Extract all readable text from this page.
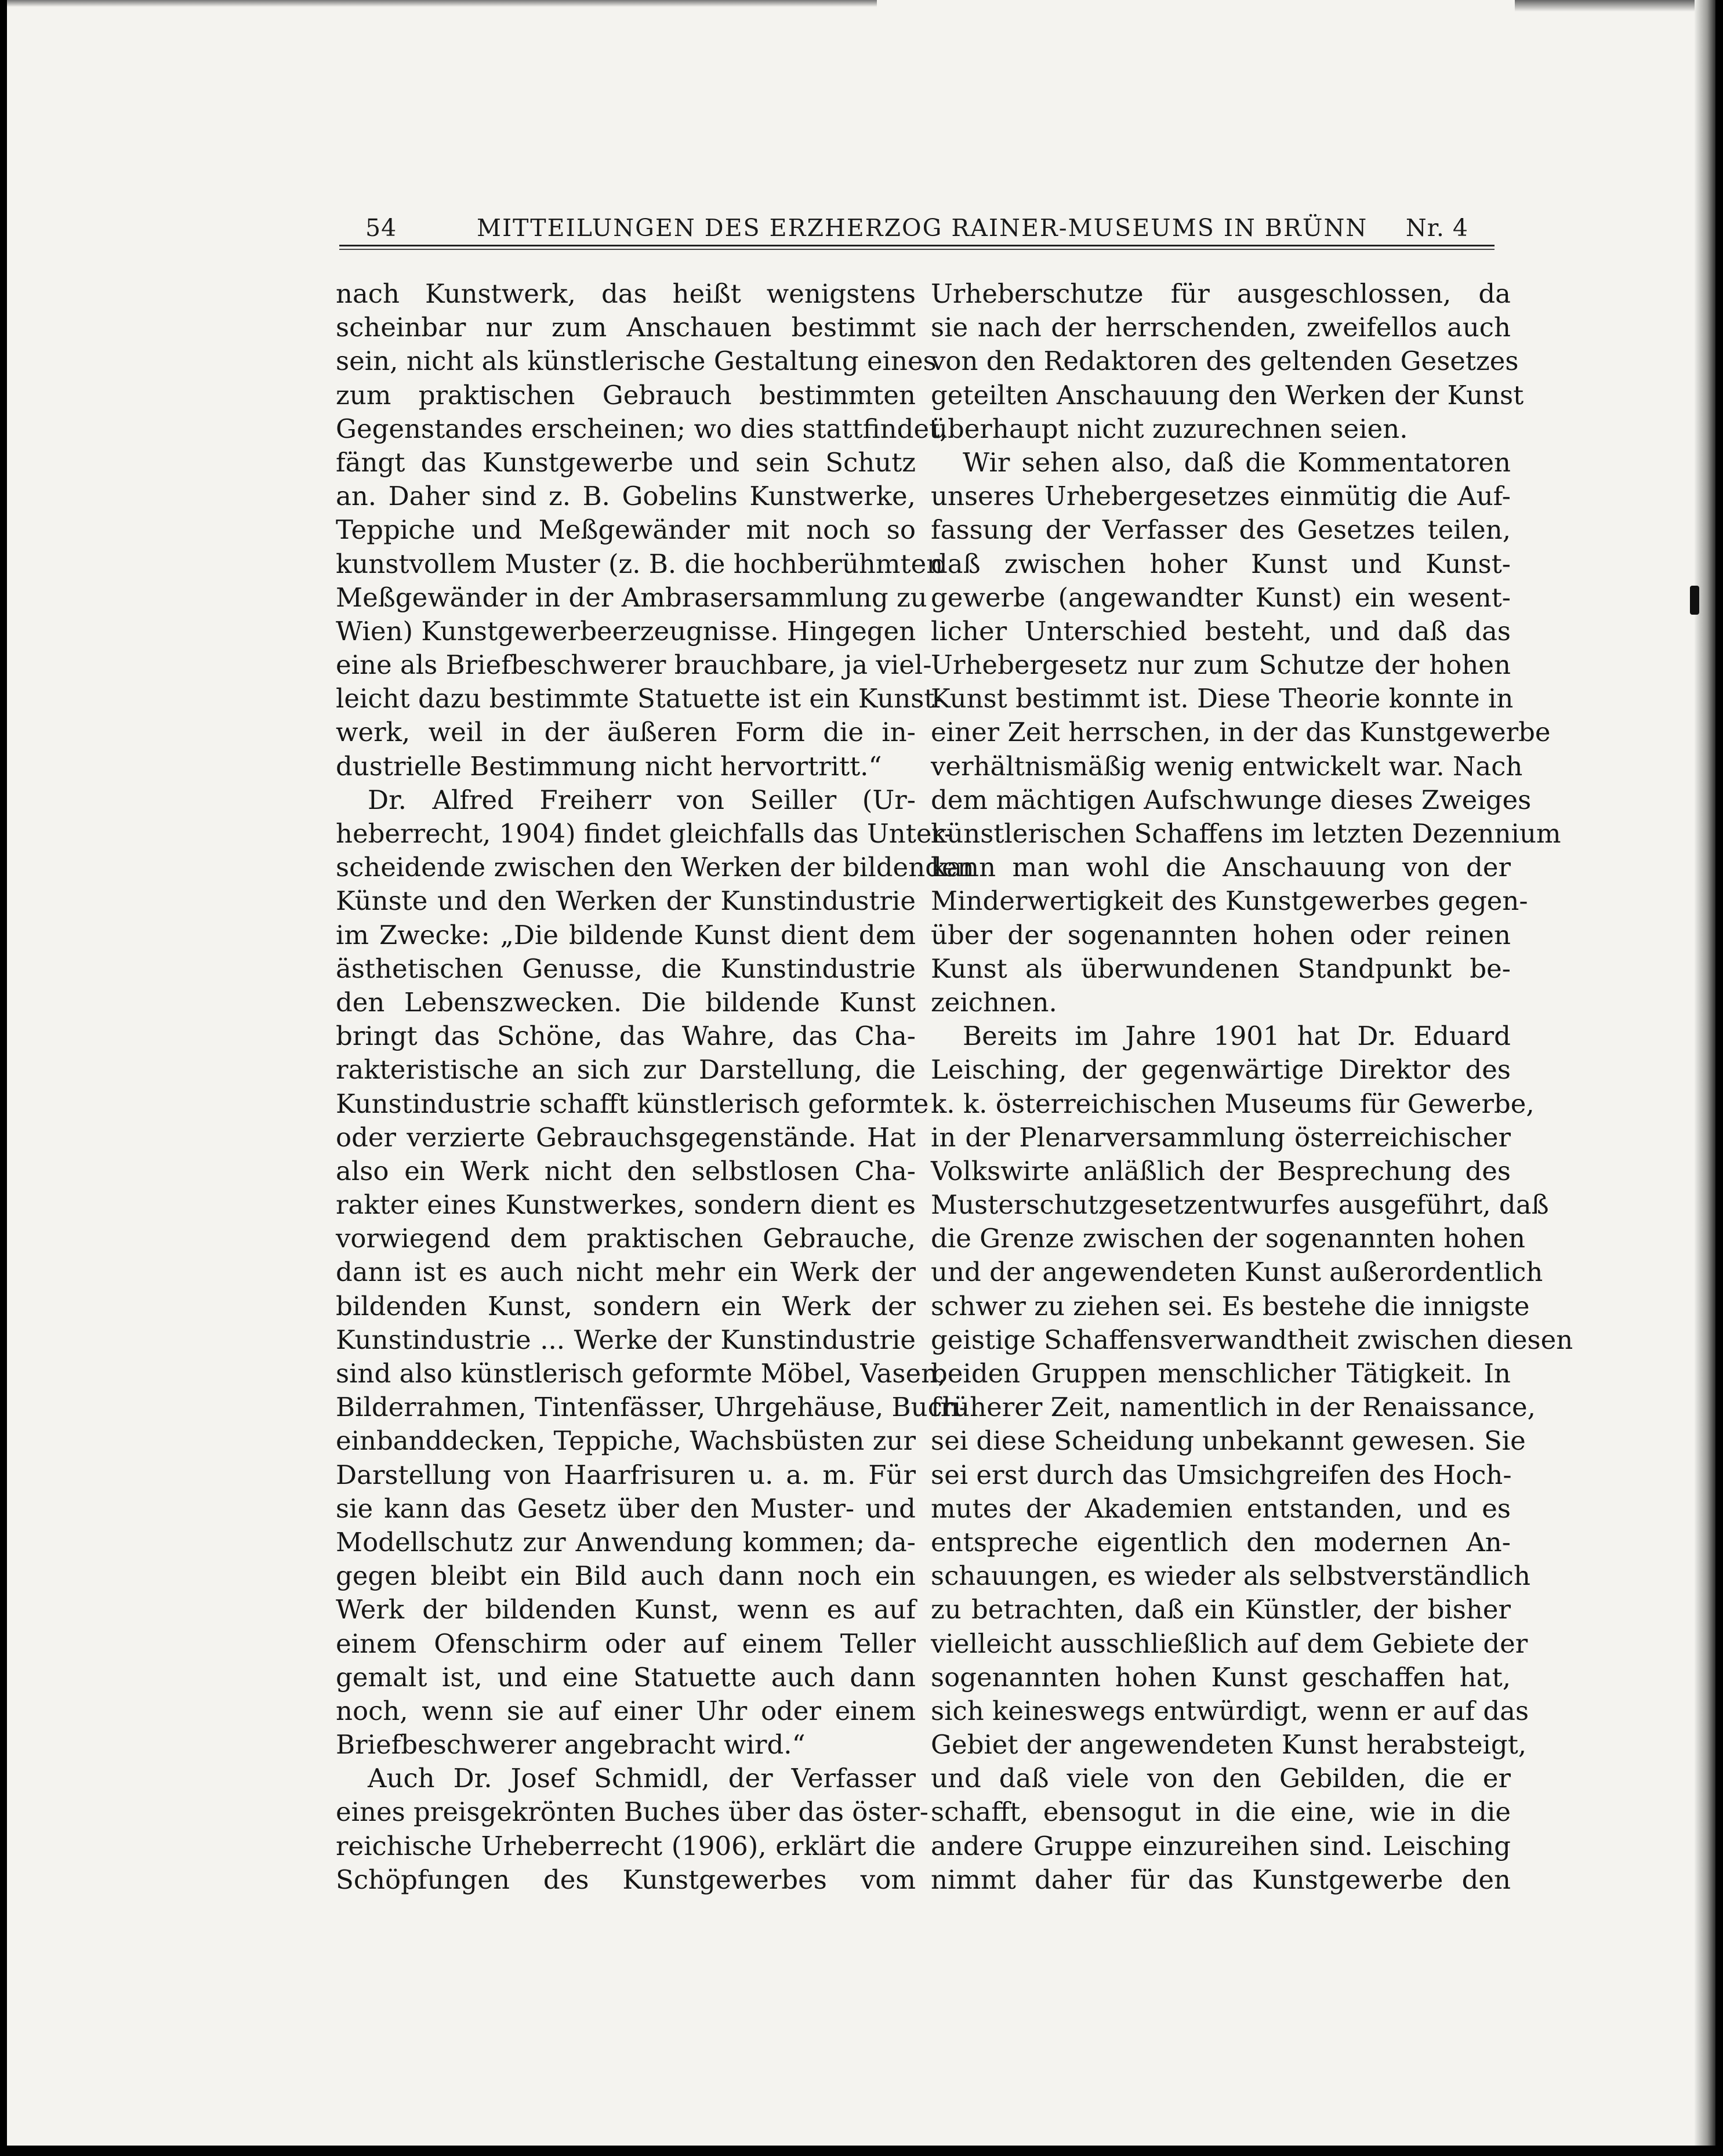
54	MITTEILUNGEN DES ERZHERZOG RAINER-MUSEUMS IN BRÜNN Nr. 4
nach Kunstwerk, das heißt wenigstens
scheinbar nur zum Anschauen bestimmt
sein, nicht als künstlerische Gestaltung eines
zum praktischen Gebrauch bestimmten
Gegenstandes erscheinen; wo dies stattfindet,
fängt das Kunstgewerbe und sein Schutz
an. Daher sind z. B. Gobelins Kunstwerke,
Teppiche und Meßgewänder mit noch so
kunstvollem Muster (z. B. die hochberühmten
Meßgewänder in der Ambrasersammlung zu
Wien) Kunstgewerbeerzeugnisse. Hingegen
eine als Briefbeschwerer brauchbare, ja viel-
leicht dazu bestimmte Statuette ist ein Kunst-
werk, weil in der äußeren Form die in-
dustrielle Bestimmung nicht hervortritt.“
Dr. Alfred Freiherr von Seiller (Ur-
heberrecht, 1904) findet gleichfalls das Unter-
scheidende zwischen den Werken der bildenden
Künste und den Werken der Kunstindustrie
im Zwecke: „Die bildende Kunst dient dem
ästhetischen Genusse, die Kunstindustrie
den Lebenszwecken. Die bildende Kunst
bringt das Schöne, das Wahre, das Cha-
rakteristische an sich zur Darstellung, die
Kunstindustrie schafft künstlerisch geformte
oder verzierte Gebrauchsgegenstände. Hat
also ein Werk nicht den selbstlosen Cha-
rakter eines Kunstwerkes, sondern dient es
vorwiegend dem praktischen Gebrauche,
dann ist es auch nicht mehr ein Werk der
bildenden Kunst, sondern ein Werk der
Kunstindustrie ... Werke der Kunstindustrie
sind also künstlerisch geformte Möbel, Vasen,
Bilderrahmen, Tintenfässer, Uhrgehäuse, Buch-
einbanddecken, Teppiche, Wachsbüsten zur
Darstellung von Haarfrisuren u. a. m. Für
sie kann das Gesetz über den Muster- und
Modellschutz zur Anwendung kommen; da-
gegen bleibt ein Bild auch dann noch ein
Werk der bildenden Kunst, wenn es auf
einem Ofenschirm oder auf einem Teller
gemalt ist, und eine Statuette auch dann
noch, wenn sie auf einer Uhr oder einem
Briefbeschwerer angebracht wird.“
Auch Dr. Josef Schmidl, der Verfasser
eines preisgekrönten Buches über das öster-
reichische Urheberrecht (1906), erklärt die
Schöpfungen des Kunstgewerbes vom
Urheberschutze für ausgeschlossen, da
sie nach der herrschenden, zweifellos auch
von den Redaktoren des geltenden Gesetzes
geteilten Anschauung den Werken der Kunst
überhaupt nicht zuzurechnen seien.
Wir sehen also, daß die Kommentatoren
unseres Urhebergesetzes einmütig die Auf-
fassung der Verfasser des Gesetzes teilen,
daß zwischen hoher Kunst und Kunst-
gewerbe (angewandter Kunst) ein wesent-
licher Unterschied besteht, und daß das
Urhebergesetz nur zum Schutze der hohen
Kunst bestimmt ist. Diese Theorie konnte in
einer Zeit herrschen, in der das Kunstgewerbe
verhältnismäßig wenig entwickelt war. Nach
dem mächtigen Aufschwunge dieses Zweiges
künstlerischen Schaffens im letzten Dezennium
kann man wohl die Anschauung von der
Minderwertigkeit des Kunstgewerbes gegen-
über der sogenannten hohen oder reinen
Kunst als überwundenen Standpunkt be-
zeichnen.
Bereits im Jahre 1901 hat Dr. Eduard
Leisching, der gegenwärtige Direktor des
k. k. österreichischen Museums für Gewerbe,
in der Plenarversammlung österreichischer
Volkswirte anläßlich der Besprechung des
Musterschutzgesetzentwurfes ausgeführt, daß
die Grenze zwischen der sogenannten hohen
und der angewendeten Kunst außerordentlich
schwer zu ziehen sei. Es bestehe die innigste
geistige Schaffensverwandtheit zwischen diesen
beiden Gruppen menschlicher Tätigkeit. In
früherer Zeit, namentlich in der Renaissance,
sei diese Scheidung unbekannt gewesen. Sie
sei erst durch das Umsichgreifen des Hoch-
mutes der Akademien entstanden, und es
entspreche eigentlich den modernen An-
schauungen, es wieder als selbstverständlich
zu betrachten, daß ein Künstler, der bisher
vielleicht ausschließlich auf dem Gebiete der
sogenannten hohen Kunst geschaffen hat,
sich keineswegs entwürdigt, wenn er auf das
Gebiet der angewendeten Kunst herabsteigt,
und daß viele von den Gebilden, die er
schafft, ebensogut in die eine, wie in die
andere Gruppe einzureihen sind. Leisching
nimmt daher für das Kunstgewerbe den
